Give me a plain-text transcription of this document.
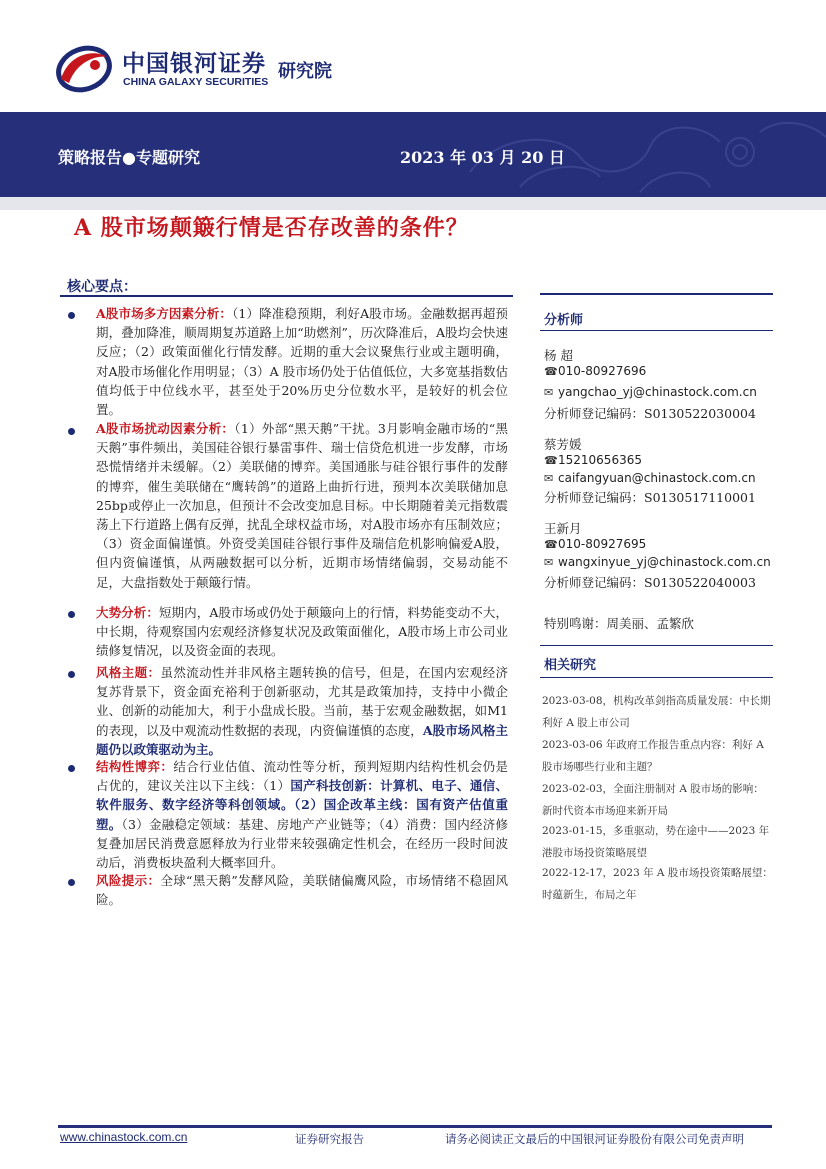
中国银河证券
CHINA GALAXY SECURITIES 研究院
策略报告●专题研究	2023 年 03 月 20 日
A 股市场颠簸行情是否存改善的条件？
核心要点：
A股市场多方因素分析：（1）降准稳预期，利好A股市场。金融数据再超预期，叠加降准，顺周期复苏道路上加“助燃剂”，历次降准后，A股均会快速反应；（2）政策面催化行情发酵。近期的重大会议聚焦行业或主题明确，对A股市场催化作用明显；（3）A 股市场仍处于估值低位，大多宽基指数估值均低于中位线水平，甚至处于20%历史分位数水平，是较好的机会位置。
A股市场扰动因素分析：（1）外部“黑天鹅”干扰。3月影响金融市场的“黑天鹅”事件频出，美国硅谷银行暴雷事件、瑞士信贷危机进一步发酵，市场恐慌情绪并未缓解。（2）美联储的博弈。美国通胀与硅谷银行事件的发酵的博弈，催生美联储在“鹰转鸽”的道路上曲折行进，预判本次美联储加息25bp或停止一次加息，但预计不会改变加息目标。中长期随着美元指数震荡上下行道路上偶有反弹，扰乱全球权益市场，对A股市场亦有压制效应；（3）资金面偏谨慎。外资受美国硅谷银行事件及瑞信危机影响偏爱A股，但内资偏谨慎，从两融数据可以分析，近期市场情绪偏弱，交易动能不足，大盘指数处于颠簸行情。
大势分析：短期内，A股市场或仍处于颠簸向上的行情，料势能变动不大，中长期，待观察国内宏观经济修复状况及政策面催化，A股市场上市公司业绩修复情况，以及资金面的表现。
风格主题：虽然流动性并非风格主题转换的信号，但是，在国内宏观经济复苏背景下，资金面充裕利于创新驱动，尤其是政策加持，支持中小微企业、创新的动能加大，利于小盘成长股。当前，基于宏观金融数据，如M1的表现，以及中观流动性数据的表现，内资偏谨慎的态度，A股市场风格主题仍以政策驱动为主。
结构性博弈：结合行业估值、流动性等分析，预判短期内结构性机会仍是占优的，建议关注以下主线：（1）国产科技创新：计算机、电子、通信、软件服务、数字经济等科创领域。（2）国企改革主线：国有资产估值重塑。（3）金融稳定领域：基建、房地产产业链等；（4）消费：国内经济修复叠加居民消费意愿释放为行业带来较强确定性机会，在经历一段时间波动后，消费板块盈利大概率回升。
风险提示：全球“黑天鹅”发酵风险，美联储偏鹰风险，市场情绪不稳固风险。
分析师
杨 超
☎010-80927696
✉ yangchao_yj@chinastock.com.cn
分析师登记编码：S0130522030004
蔡芳媛
☎15210656365
✉ caifangyuan@chinastock.com.cn
分析师登记编码：S0130517110001
王新月
☎010-80927695
✉ wangxinyue_yj@chinastock.com.cn
分析师登记编码：S0130522040003
特别鸣谢：周美丽、孟繁欣
相关研究
2023-03-08，机构改革剑指高质量发展：中长期利好 A 股上市公司
2023-03-06 年政府工作报告重点内容：利好 A 股市场哪些行业和主题？
2023-02-03，全面注册制对 A 股市场的影响：新时代资本市场迎来新开局
2023-01-15，多重驱动，势在途中——2023 年港股市场投资策略展望
2022-12-17，2023 年 A 股市场投资策略展望：时蕴新生，布局之年
www.chinastock.com.cn	证券研究报告	请务必阅读正文最后的中国银河证券股份有限公司免责声明
